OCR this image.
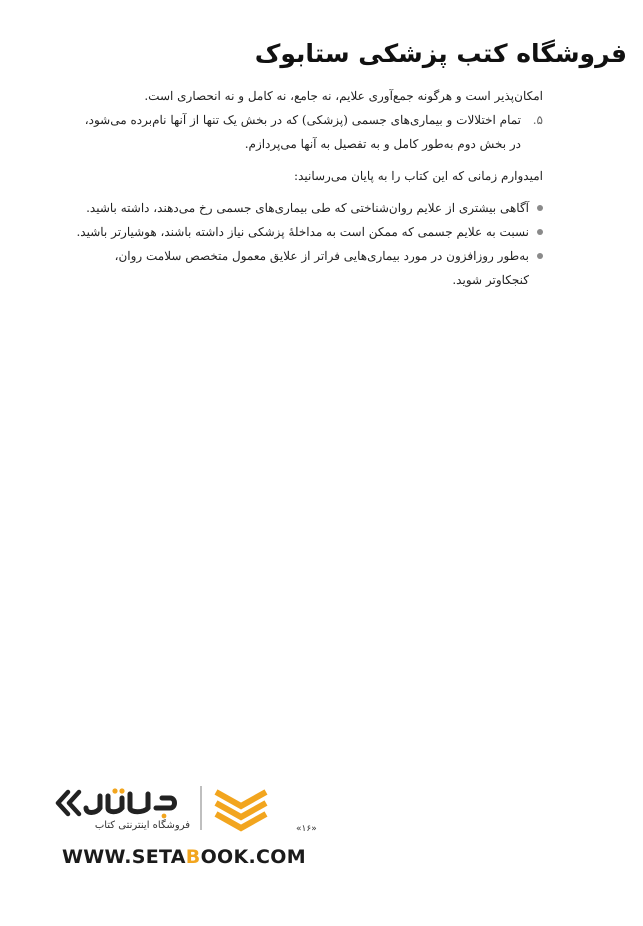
فروشگاه کتب پزشکی ستابوک
امکان‌پذیر است و هرگونه جمع‌آوری علایم، نه جامع، نه کامل و نه انحصاری است.
۵.
تمام اختلالات و بیماری‌های جسمی (پزشکی) که در بخش یک تنها از آنها نام‌برده می‌شود،
در بخش دوم به‌طور کامل و به تفصیل به آنها می‌پردازم.
امیدوارم زمانی که این کتاب را به پایان می‌رسانید:
آگاهی بیشتری از علایم روان‌شناختی که طی بیماری‌های جسمی رخ می‌دهند، داشته باشید.
نسبت به علایم جسمی که ممکن است به مداخلهٔ پزشکی نیاز داشته باشند، هوشیارتر باشید.
به‌طور روزافزون در مورد بیماری‌هایی فراتر از علایق معمول متخصص سلامت روان،
کنجکاوتر شوید.
«۱۶»
فروشگاه اینترنتی کتاب
WWW.SETABOOK.COM
